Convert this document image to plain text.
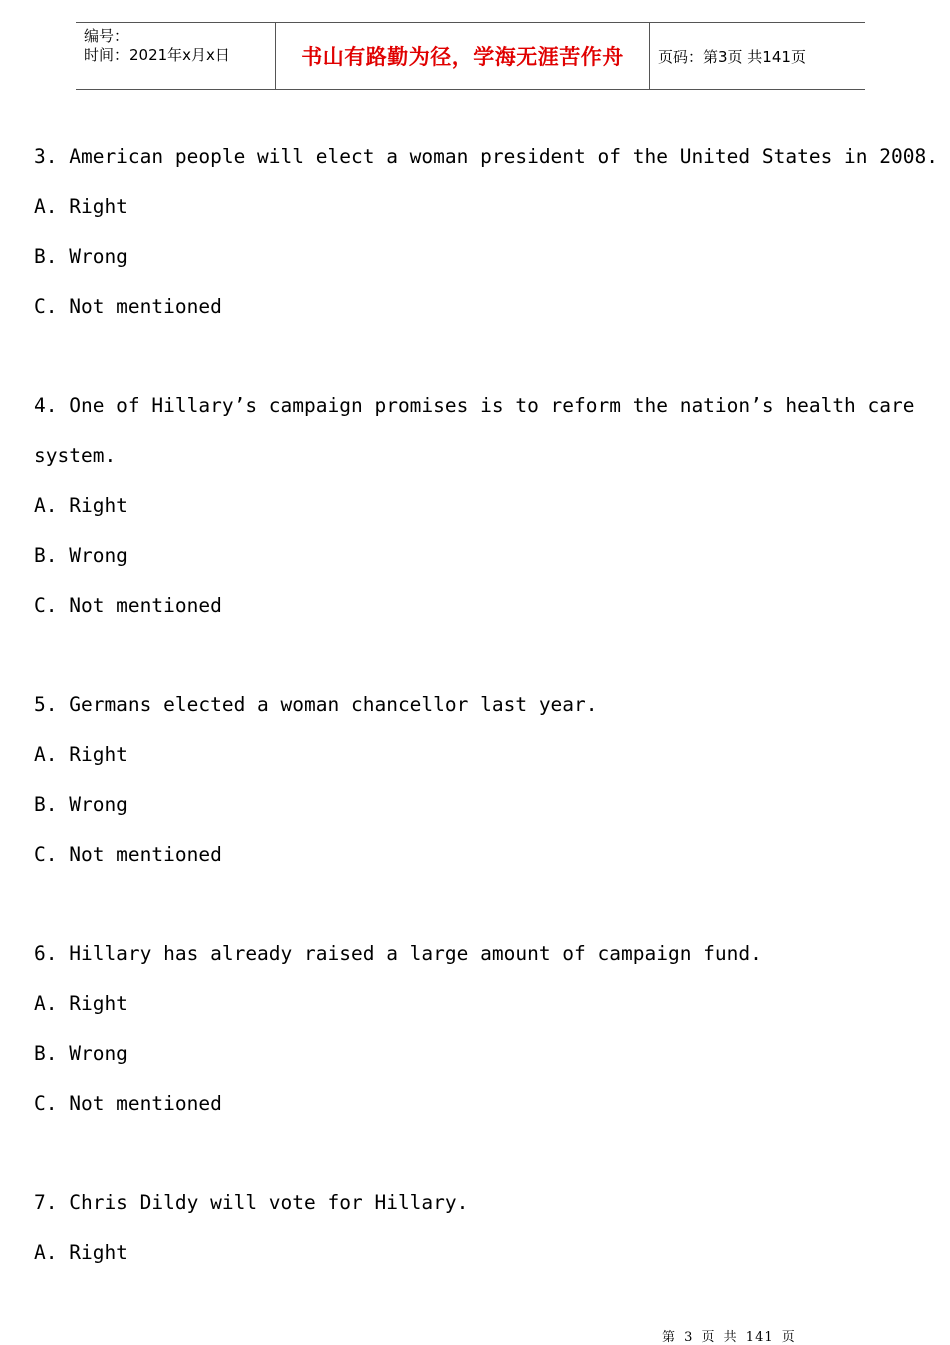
编号：
时间：2021年x月x日	书山有路勤为径，学海无涯苦作舟	页码：第3页 共141页
3. American people will elect a woman president of the United States in 2008.
A. Right
B. Wrong
C. Not mentioned
4. One of Hillary’s campaign promises is to reform the nation’s health care
system.
A. Right
B. Wrong
C. Not mentioned
5. Germans elected a woman chancellor last year.
A. Right
B. Wrong
C. Not mentioned
6. Hillary has already raised a large amount of campaign fund.
A. Right
B. Wrong
C. Not mentioned
7. Chris Dildy will vote for Hillary.
A. Right
第 3 页 共 141 页
